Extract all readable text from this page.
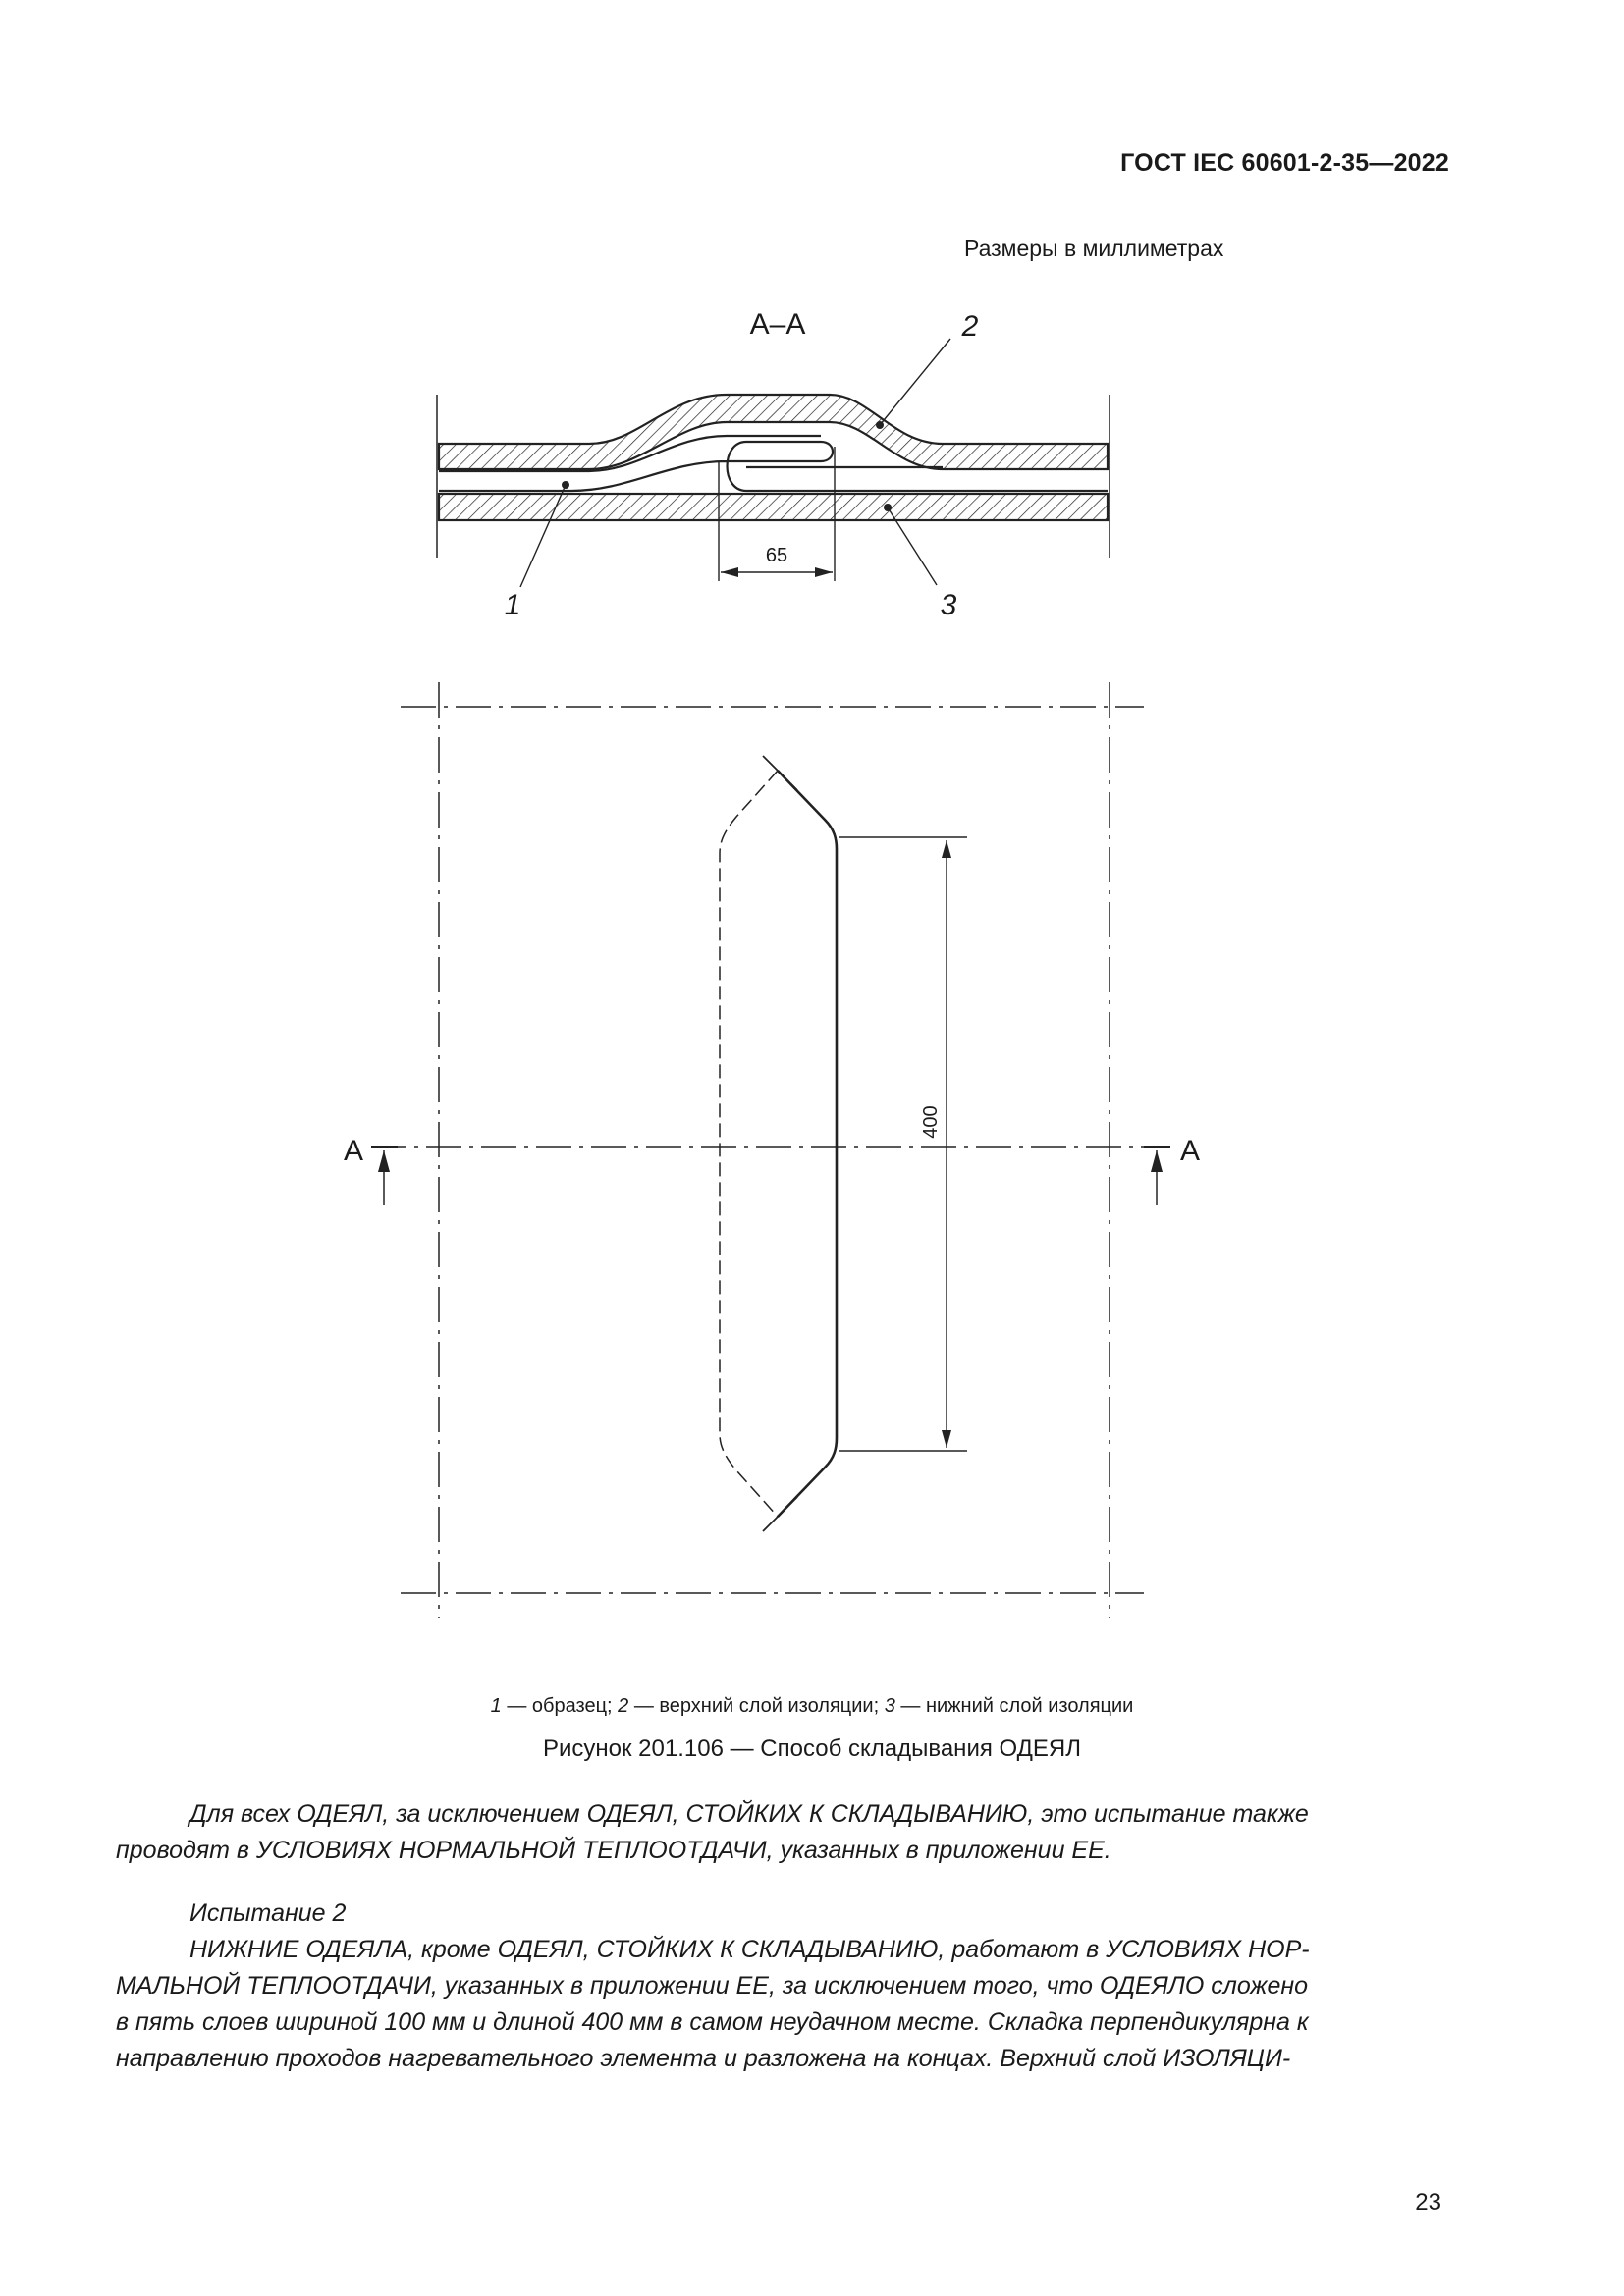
ГОСТ IEC 60601-2-35—2022
Размеры в миллиметрах
65
A–A
1
2
3
400
A	A
1 — образец; 2 — верхний слой изоляции; 3 — нижний слой изоляции
Рисунок 201.106 — Способ складывания ОДЕЯЛ
Для всех ОДЕЯЛ, за исключением ОДЕЯЛ, СТОЙКИХ К СКЛАДЫВАНИЮ, это испытание также
проводят в УСЛОВИЯХ НОРМАЛЬНОЙ ТЕПЛООТДАЧИ, указанных в приложении ЕЕ.
Испытание 2
НИЖНИЕ ОДЕЯЛА, кроме ОДЕЯЛ, СТОЙКИХ К СКЛАДЫВАНИЮ, работают в УСЛОВИЯХ НОР-
МАЛЬНОЙ ТЕПЛООТДАЧИ, указанных в приложении ЕЕ, за исключением того, что ОДЕЯЛО сложено
в пять слоев шириной 100 мм и длиной 400 мм в самом неудачном месте. Складка перпендикулярна к
направлению проходов нагревательного элемента и разложена на концах. Верхний слой ИЗОЛЯЦИ-
23
